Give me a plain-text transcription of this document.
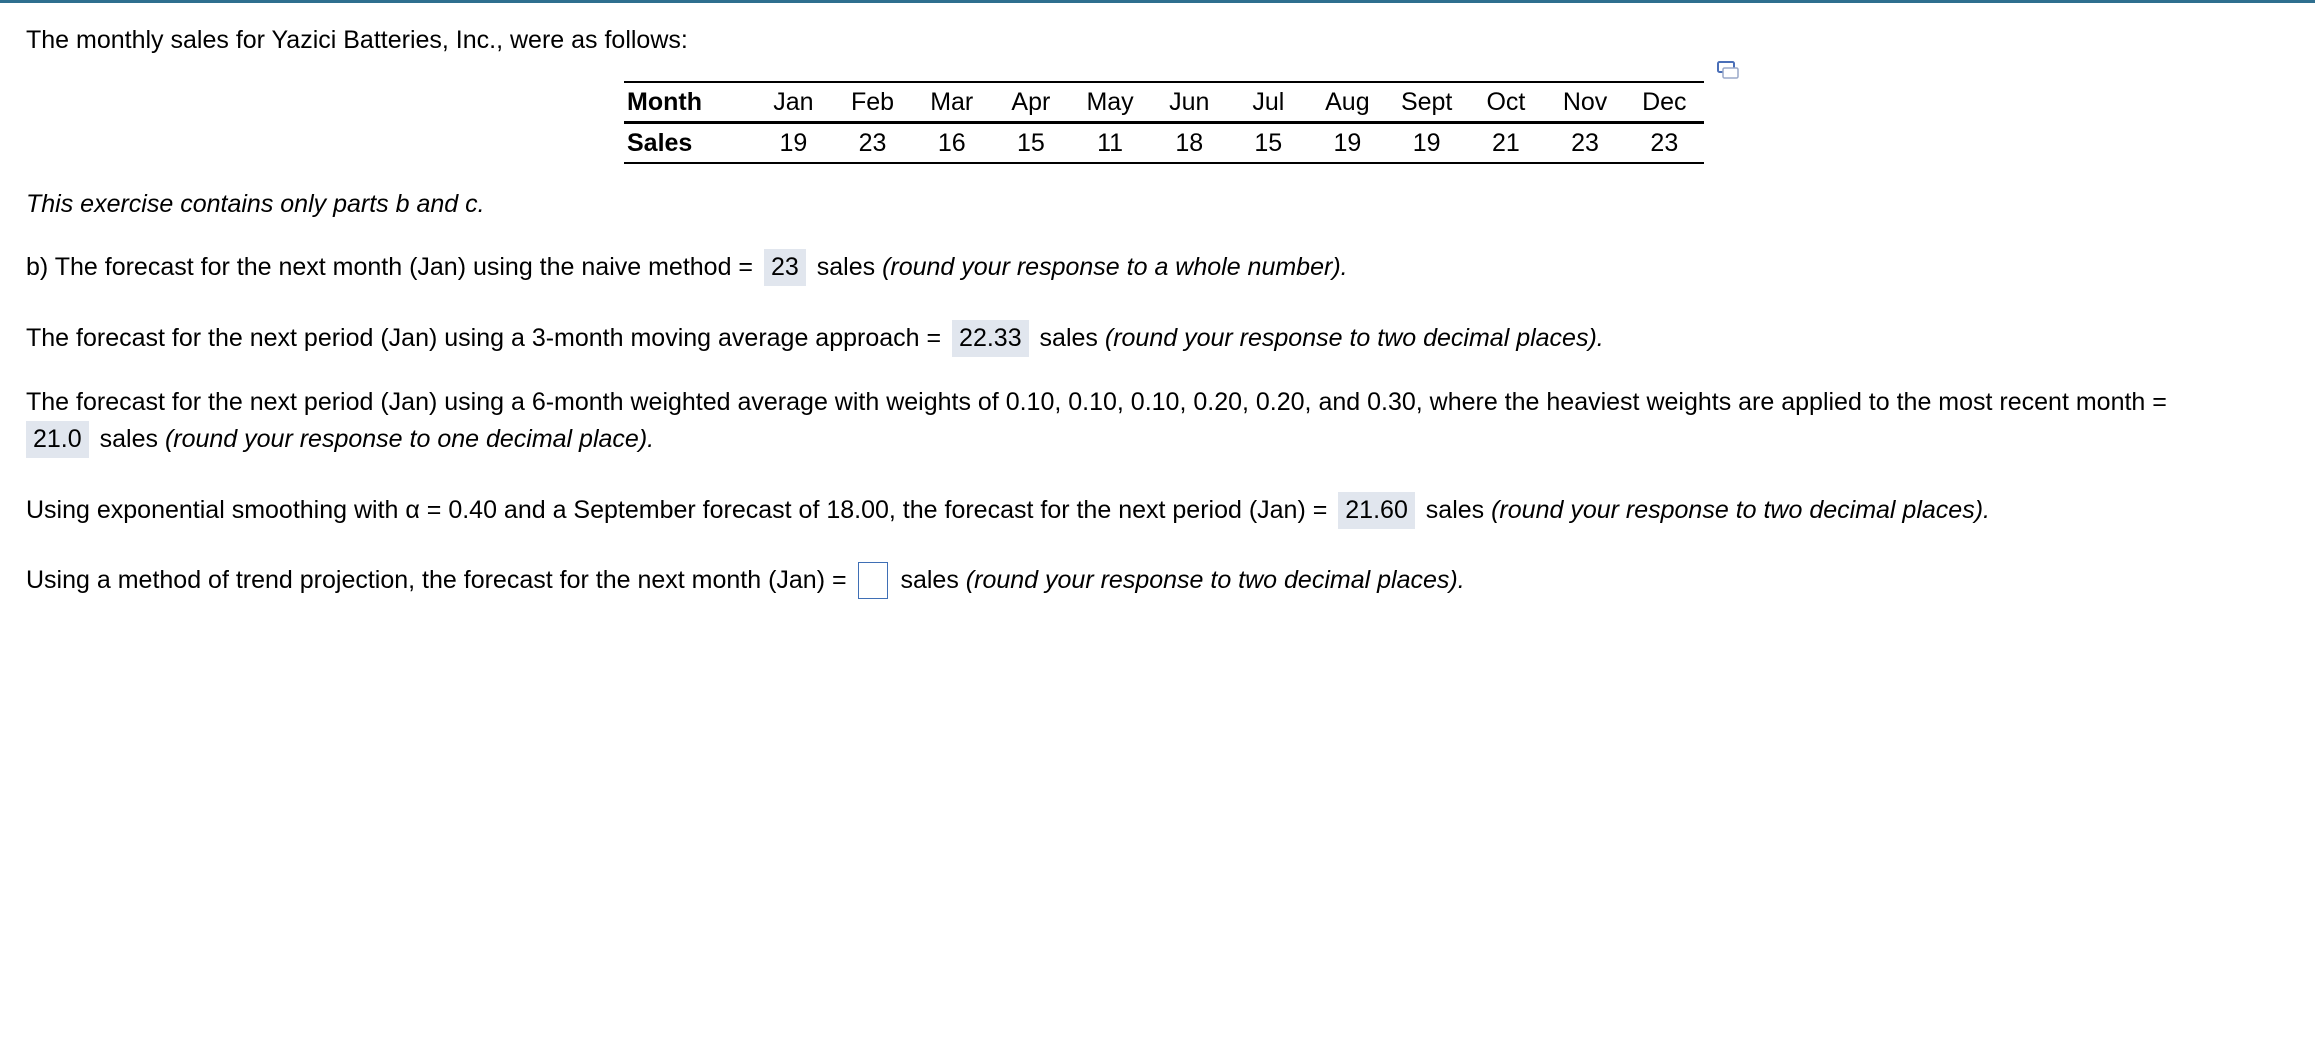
The monthly sales for Yazici Batteries, Inc., were as follows:

Month	Jan	Feb	Mar	Apr	May	Jun	Jul	Aug	Sept	Oct	Nov	Dec
Sales	19	23	16	15	11	18	15	19	19	21	23	23

This exercise contains only parts b and c.

b) The forecast for the next month (Jan) using the naive method = 23 sales (round your response to a whole number).

The forecast for the next period (Jan) using a 3-month moving average approach = 22.33 sales (round your response to two decimal places).

The forecast for the next period (Jan) using a 6-month weighted average with weights of 0.10, 0.10, 0.10, 0.20, 0.20, and 0.30, where the heaviest weights are applied to the most recent month =

21.0 sales (round your response to one decimal place).

Using exponential smoothing with α = 0.40 and a September forecast of 18.00, the forecast for the next period (Jan) = 21.60 sales (round your response to two decimal places).

Using a method of trend projection, the forecast for the next month (Jan) =  sales (round your response to two decimal places).
